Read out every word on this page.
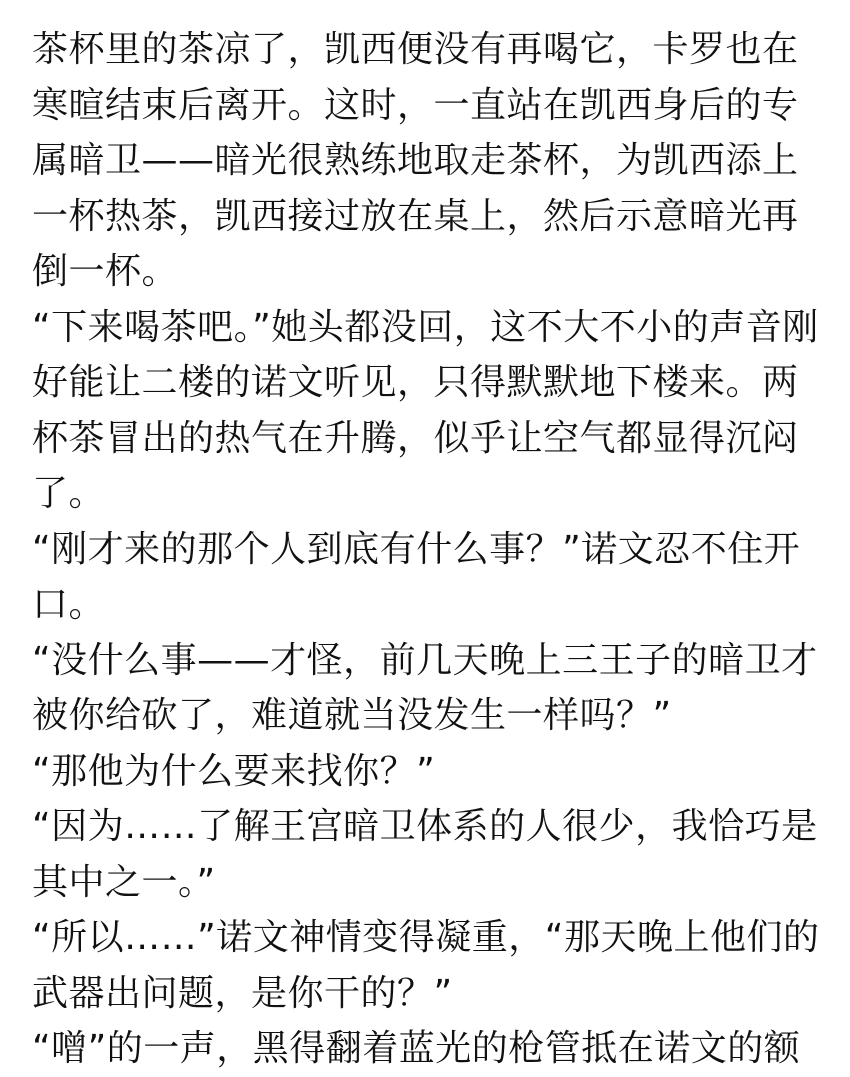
茶杯里的茶凉了，凯西便没有再喝它，卡罗也在寒暄结束后离开。这时，一直站在凯西身后的专属暗卫——暗光很熟练地取走茶杯，为凯西添上一杯热茶，凯西接过放在桌上，然后示意暗光再倒一杯。

“下来喝茶吧。”她头都没回，这不大不小的声音刚好能让二楼的诺文听见，只得默默地下楼来。两杯茶冒出的热气在升腾，似乎让空气都显得沉闷了。

“刚才来的那个人到底有什么事？”诺文忍不住开口。

“没什么事——才怪，前几天晚上三王子的暗卫才被你给砍了，难道就当没发生一样吗？”

“那他为什么要来找你？”

“因为……了解王宫暗卫体系的人很少，我恰巧是其中之一。”

“所以……”诺文神情变得凝重，“那天晚上他们的武器出问题，是你干的？”

“噌”的一声，黑得翻着蓝光的枪管抵在诺文的额
